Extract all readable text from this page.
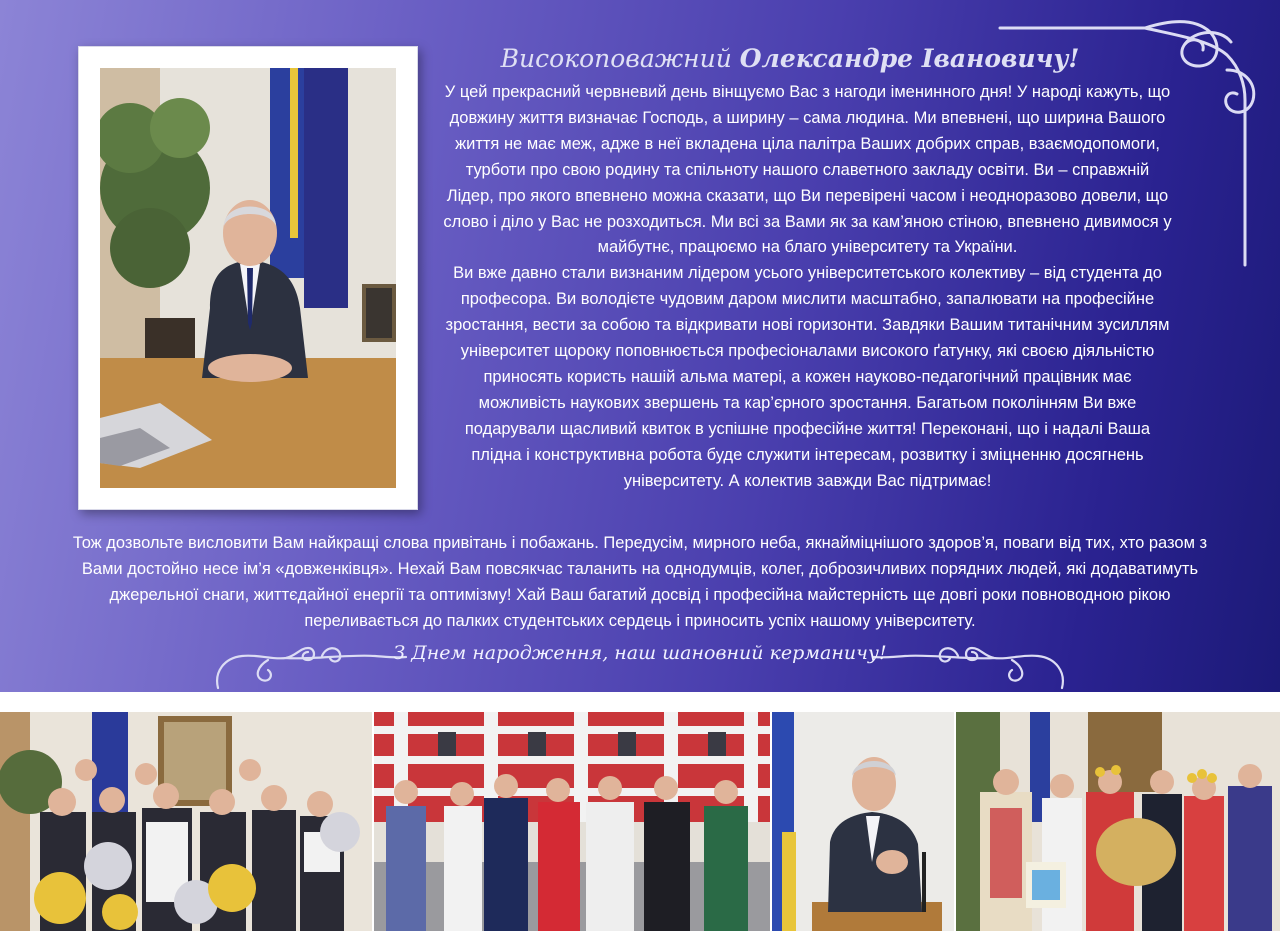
Високоповажний Олександре Івановичу!

У цей прекрасний червневий день вінщуємо Вас з нагоди іменинного дня! У народі кажуть, що довжину життя визначає Господь, а ширину – сама людина. Ми впевнені, що ширина Вашого життя не має меж, адже в неї вкладена ціла палітра Ваших добрих справ, взаємодопомоги, турботи про свою родину та спільноту нашого славетного закладу освіти. Ви – справжній Лідер, про якого впевнено можна сказати, що Ви перевірені часом і неодноразово довели, що слово і діло у Вас не розходиться. Ми всі за Вами як за кам’яною стіною, впевнено дивимося у майбутнє, працюємо на благо університету та України.

Ви вже давно стали визнаним лідером усього університетського колективу – від студента до професора. Ви володієте чудовим даром мислити масштабно, запалювати на професійне зростання, вести за собою та відкривати нові горизонти. Завдяки Вашим титанічним зусиллям університет щороку поповнюється професіоналами високого ґатунку, які своєю діяльністю приносять користь нашій альма матері, а кожен науково-педагогічний працівник має можливість наукових звершень та кар’єрного зростання. Багатьом поколінням Ви вже подарували щасливий квиток в успішне професійне життя! Переконані, що і надалі Ваша плідна і конструктивна робота буде служити інтересам, розвитку і зміцненню досягнень університету. А колектив завжди Вас підтримає!

Тож дозвольте висловити Вам найкращі слова привітань і побажань. Передусім, мирного неба, якнайміцнішого здоров’я, поваги від тих, хто разом з Вами достойно несе ім’я «довженківця». Нехай Вам повсякчас таланить на однодумців, колег, доброзичливих порядних людей, які додаватимуть джерельної снаги, життєдайної енергії та оптимізму! Хай Ваш багатий досвід і професійна майстерність ще довгі роки повноводною рікою переливається до палких студентських сердець і приносить успіх нашому університету.
З Днем народження, наш шановний керманичу!
